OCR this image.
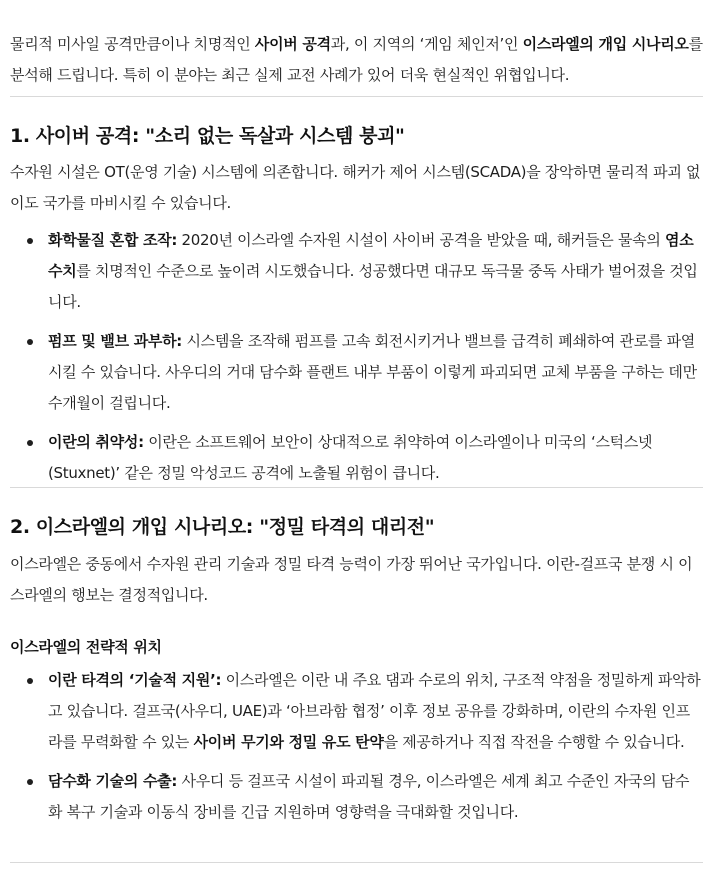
물리적 미사일 공격만큼이나 치명적인 사이버 공격과, 이 지역의 ‘게임 체인저’인 이스라엘의 개입 시나리오를 분석해 드립니다. 특히 이 분야는 최근 실제 교전 사례가 있어 더욱 현실적인 위협입니다.

1. 사이버 공격: "소리 없는 독살과 시스템 붕괴"

수자원 시설은 OT(운영 기술) 시스템에 의존합니다. 해커가 제어 시스템(SCADA)을 장악하면 물리적 파괴 없이도 국가를 마비시킬 수 있습니다.

화학물질 혼합 조작: 2020년 이스라엘 수자원 시설이 사이버 공격을 받았을 때, 해커들은 물속의 염소 수치를 치명적인 수준으로 높이려 시도했습니다. 성공했다면 대규모 독극물 중독 사태가 벌어졌을 것입니다.
펌프 및 밸브 과부하: 시스템을 조작해 펌프를 고속 회전시키거나 밸브를 급격히 폐쇄하여 관로를 파열시킬 수 있습니다. 사우디의 거대 담수화 플랜트 내부 부품이 이렇게 파괴되면 교체 부품을 구하는 데만 수개월이 걸립니다.
이란의 취약성: 이란은 소프트웨어 보안이 상대적으로 취약하여 이스라엘이나 미국의 ‘스턱스넷(Stuxnet)’ 같은 정밀 악성코드 공격에 노출될 위험이 큽니다.
2. 이스라엘의 개입 시나리오: "정밀 타격의 대리전"

이스라엘은 중동에서 수자원 관리 기술과 정밀 타격 능력이 가장 뛰어난 국가입니다. 이란-걸프국 분쟁 시 이스라엘의 행보는 결정적입니다.

이스라엘의 전략적 위치
이란 타격의 ‘기술적 지원’: 이스라엘은 이란 내 주요 댐과 수로의 위치, 구조적 약점을 정밀하게 파악하고 있습니다. 걸프국(사우디, UAE)과 ‘아브라함 협정’ 이후 정보 공유를 강화하며, 이란의 수자원 인프라를 무력화할 수 있는 사이버 무기와 정밀 유도 탄약을 제공하거나 직접 작전을 수행할 수 있습니다.
담수화 기술의 수출: 사우디 등 걸프국 시설이 파괴될 경우, 이스라엘은 세계 최고 수준인 자국의 담수화 복구 기술과 이동식 장비를 긴급 지원하며 영향력을 극대화할 것입니다.
